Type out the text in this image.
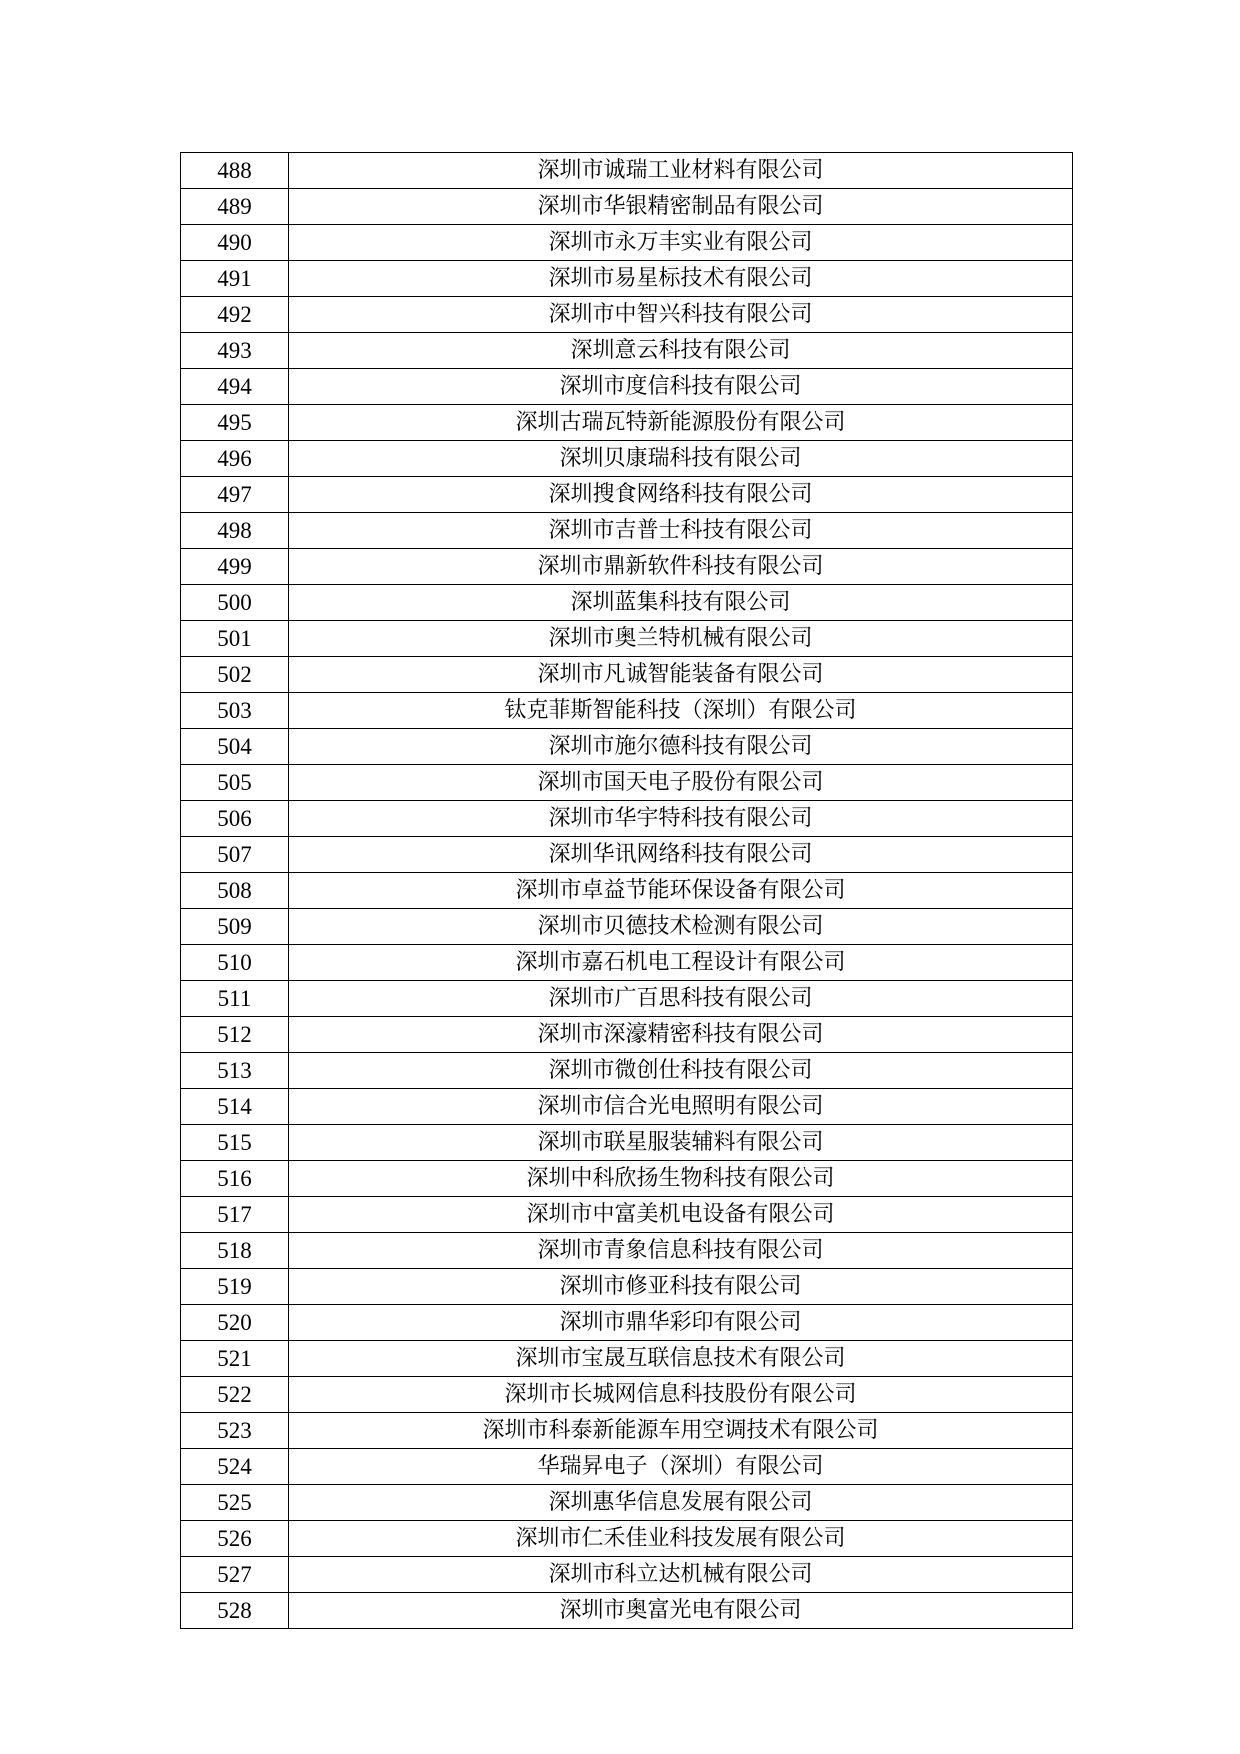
488	深圳市诚瑞工业材料有限公司
489	深圳市华银精密制品有限公司
490	深圳市永万丰实业有限公司
491	深圳市易星标技术有限公司
492	深圳市中智兴科技有限公司
493	深圳意云科技有限公司
494	深圳市度信科技有限公司
495	深圳古瑞瓦特新能源股份有限公司
496	深圳贝康瑞科技有限公司
497	深圳搜食网络科技有限公司
498	深圳市吉普士科技有限公司
499	深圳市鼎新软件科技有限公司
500	深圳蓝集科技有限公司
501	深圳市奥兰特机械有限公司
502	深圳市凡诚智能装备有限公司
503	钛克菲斯智能科技（深圳）有限公司
504	深圳市施尔德科技有限公司
505	深圳市国天电子股份有限公司
506	深圳市华宇特科技有限公司
507	深圳华讯网络科技有限公司
508	深圳市卓益节能环保设备有限公司
509	深圳市贝德技术检测有限公司
510	深圳市嘉石机电工程设计有限公司
511	深圳市广百思科技有限公司
512	深圳市深濠精密科技有限公司
513	深圳市微创仕科技有限公司
514	深圳市信合光电照明有限公司
515	深圳市联星服装辅料有限公司
516	深圳中科欣扬生物科技有限公司
517	深圳市中富美机电设备有限公司
518	深圳市青象信息科技有限公司
519	深圳市修亚科技有限公司
520	深圳市鼎华彩印有限公司
521	深圳市宝晟互联信息技术有限公司
522	深圳市长城网信息科技股份有限公司
523	深圳市科泰新能源车用空调技术有限公司
524	华瑞昇电子（深圳）有限公司
525	深圳惠华信息发展有限公司
526	深圳市仁禾佳业科技发展有限公司
527	深圳市科立达机械有限公司
528	深圳市奥富光电有限公司
